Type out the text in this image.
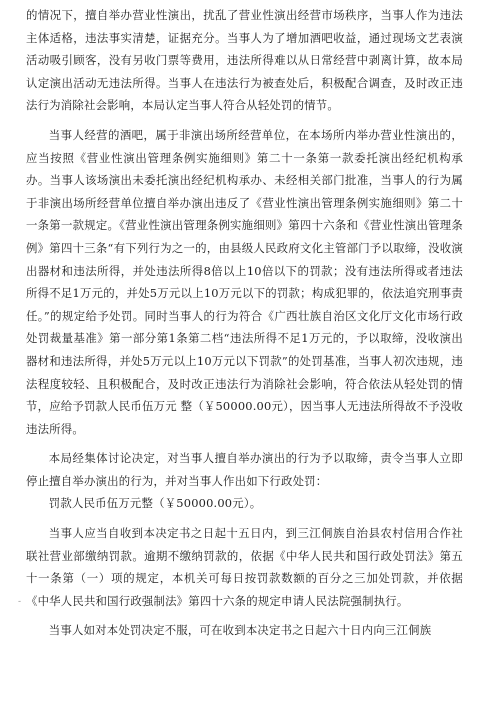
的情况下，擅自举办营业性演出，扰乱了营业性演出经营市场秩序，当事人作为违法主体适格，违法事实清楚，证据充分。当事人为了增加酒吧收益，通过现场文艺表演活动吸引顾客，没有另收门票等费用，违法所得难以从日常经营中剥离计算，故本局认定演出活动无违法所得。当事人在违法行为被查处后，积极配合调查，及时改正违法行为消除社会影响，本局认定当事人符合从轻处罚的情节。

当事人经营的酒吧，属于非演出场所经营单位，在本场所内举办营业性演出的，应当按照《营业性演出管理条例实施细则》第二十一条第一款委托演出经纪机构承办。当事人该场演出未委托演出经纪机构承办、未经相关部门批准，当事人的行为属于非演出场所经营单位擅自举办演出违反了《营业性演出管理条例实施细则》第二十一条第一款规定。《营业性演出管理条例实施细则》第四十六条和《营业性演出管理条例》第四十三条“有下列行为之一的，由县级人民政府文化主管部门予以取缔，没收演出器材和违法所得，并处违法所得8倍以上10倍以下的罚款；没有违法所得或者违法所得不足1万元的，并处5万元以上10万元以下的罚款；构成犯罪的，依法追究刑事责任。”的规定给予处罚。同时当事人的行为符合《广西壮族自治区文化厅文化市场行政处罚裁量基准》第一部分第1条第二档“违法所得不足1万元的，予以取缔，没收演出器材和违法所得，并处5万元以上10万元以下罚款”的处罚基准，当事人初次违规，违法程度较轻、且积极配合，及时改正违法行为消除社会影响，符合依法从轻处罚的情节，应给予罚款人民币伍万元 整（￥50000.00元），因当事人无违法所得故不予没收违法所得。

本局经集体讨论决定，对当事人擅自举办演出的行为予以取缔，责令当事人立即停止擅自举办演出的行为，并对当事人作出如下行政处罚：

罚款人民币伍万元整（￥50000.00元）。

当事人应当自收到本决定书之日起十五日内，到三江侗族自治县农村信用合作社联社营业部缴纳罚款。逾期不缴纳罚款的，依据《中华人民共和国行政处罚法》第五十一条第（一）项的规定，本机关可每日按罚款数额的百分之三加处罚款，并依据《中华人民共和国行政强制法》第四十六条的规定申请人民法院强制执行。

当事人如对本处罚决定不服，可在收到本决定书之日起六十日内向三江侗族

-
